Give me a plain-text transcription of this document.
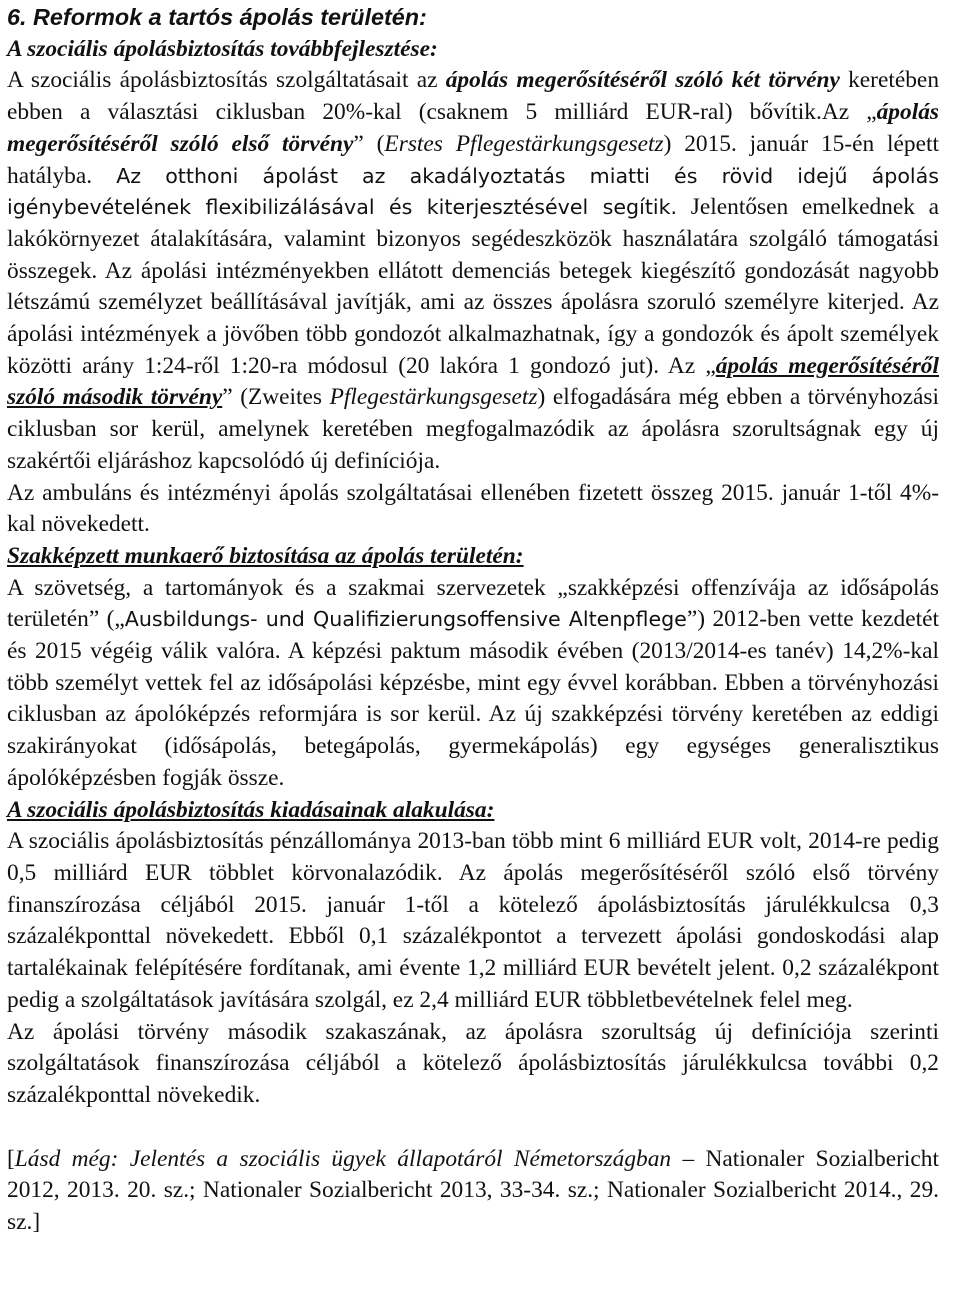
6. Reformok a tartós ápolás területén:

A szociális ápolásbiztosítás továbbfejlesztése:

A szociális ápolásbiztosítás szolgáltatásait az ápolás megerősítéséről szóló két törvény keretében ebben a választási ciklusban 20%-kal (csaknem 5 milliárd EUR-ral) bővítik.Az „ápolás megerősítéséről szóló első törvény” (Erstes Pflegestärkungsgesetz) 2015. január 15-én lépett hatályba. Az otthoni ápolást az akadályoztatás miatti és rövid idejű ápolás igénybevételének flexibilizálásával és kiterjesztésével segítik. Jelentősen emelkednek a lakókörnyezet átalakítására, valamint bizonyos segédeszközök használatára szolgáló támogatási összegek. Az ápolási intézményekben ellátott demenciás betegek kiegészítő gondozását nagyobb létszámú személyzet beállításával javítják, ami az összes ápolásra szoruló személyre kiterjed. Az ápolási intézmények a jövőben több gondozót alkalmazhatnak, így a gondozók és ápolt személyek közötti arány 1:24-ről 1:20-ra módosul (20 lakóra 1 gondozó jut). Az „ápolás megerősítéséről szóló második törvény” (Zweites Pflegestärkungsgesetz) elfogadására még ebben a törvényhozási ciklusban sor kerül, amelynek keretében megfogalmazódik az ápolásra szorultságnak egy új szakértői eljáráshoz kapcsolódó új definíciója.

Az ambuláns és intézményi ápolás szolgáltatásai ellenében fizetett összeg 2015. január 1-től 4%-kal növekedett.

Szakképzett munkaerő biztosítása az ápolás területén:

A szövetség, a tartományok és a szakmai szervezetek „szakképzési offenzívája az idősápolás területén” („Ausbildungs- und Qualifizierungsoffensive Altenpflege”) 2012-ben vette kezdetét és 2015 végéig válik valóra. A képzési paktum második évében (2013/2014-es tanév) 14,2%-kal több személyt vettek fel az idősápolási képzésbe, mint egy évvel korábban. Ebben a törvényhozási ciklusban az ápolóképzés reformjára is sor kerül. Az új szakképzési törvény keretében az eddigi szakirányokat (idősápolás, betegápolás, gyermekápolás) egy egységes generalisztikus ápolóképzésben fogják össze.

A szociális ápolásbiztosítás kiadásainak alakulása:

A szociális ápolásbiztosítás pénzállománya 2013-ban több mint 6 milliárd EUR volt, 2014-re pedig 0,5 milliárd EUR többlet körvonalazódik. Az ápolás megerősítéséről szóló első törvény finanszírozása céljából 2015. január 1-től a kötelező ápolásbiztosítás járulékkulcsa 0,3 százalékponttal növekedett. Ebből 0,1 százalékpontot a tervezett ápolási gondoskodási alap tartalékainak felépítésére fordítanak, ami évente 1,2 milliárd EUR bevételt jelent. 0,2 százalékpont pedig a szolgáltatások javítására szolgál, ez 2,4 milliárd EUR többletbevételnek felel meg.

Az ápolási törvény második szakaszának, az ápolásra szorultság új definíciója szerinti szolgáltatások finanszírozása céljából a kötelező ápolásbiztosítás járulékkulcsa további 0,2 százalékponttal növekedik.

[Lásd még: Jelentés a szociális ügyek állapotáról Németországban – Nationaler Sozialbericht 2012, 2013. 20. sz.; Nationaler Sozialbericht 2013, 33-34. sz.; Nationaler Sozialbericht 2014., 29. sz.]
